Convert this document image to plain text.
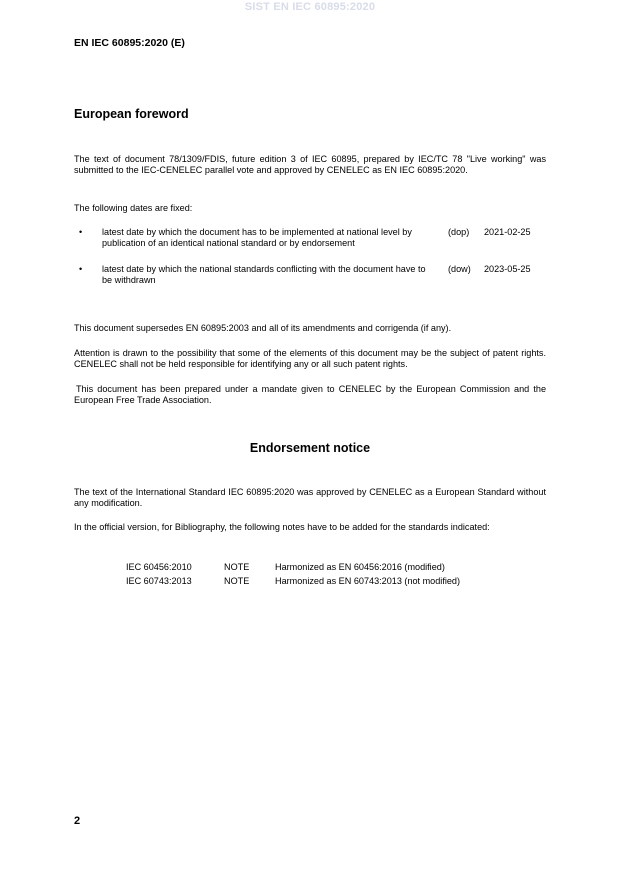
SIST EN IEC 60895:2020
EN IEC 60895:2020 (E)
European foreword

The text of document 78/1309/FDIS, future edition 3 of IEC 60895, prepared by IEC/TC 78 "Live working" was submitted to the IEC-CENELEC parallel vote and approved by CENELEC as EN IEC 60895:2020.

The following dates are fixed:

• latest date by which the document has to be implemented at national level by publication of an identical national standard or by endorsement
(dop) 2021-02-25
• latest date by which the national standards conflicting with the document have to be withdrawn
(dow) 2023-05-25

This document supersedes EN 60895:2003 and all of its amendments and corrigenda (if any).

Attention is drawn to the possibility that some of the elements of this document may be the subject of patent rights. CENELEC shall not be held responsible for identifying any or all such patent rights.

This document has been prepared under a mandate given to CENELEC by the European Commission and the European Free Trade Association.

Endorsement notice

The text of the International Standard IEC 60895:2020 was approved by CENELEC as a European Standard without any modification.

In the official version, for Bibliography, the following notes have to be added for the standards indicated:

IEC 60456:2010	NOTE	Harmonized as EN 60456:2016 (modified)
IEC 60743:2013	NOTE	Harmonized as EN 60743:2013 (not modified)
2
